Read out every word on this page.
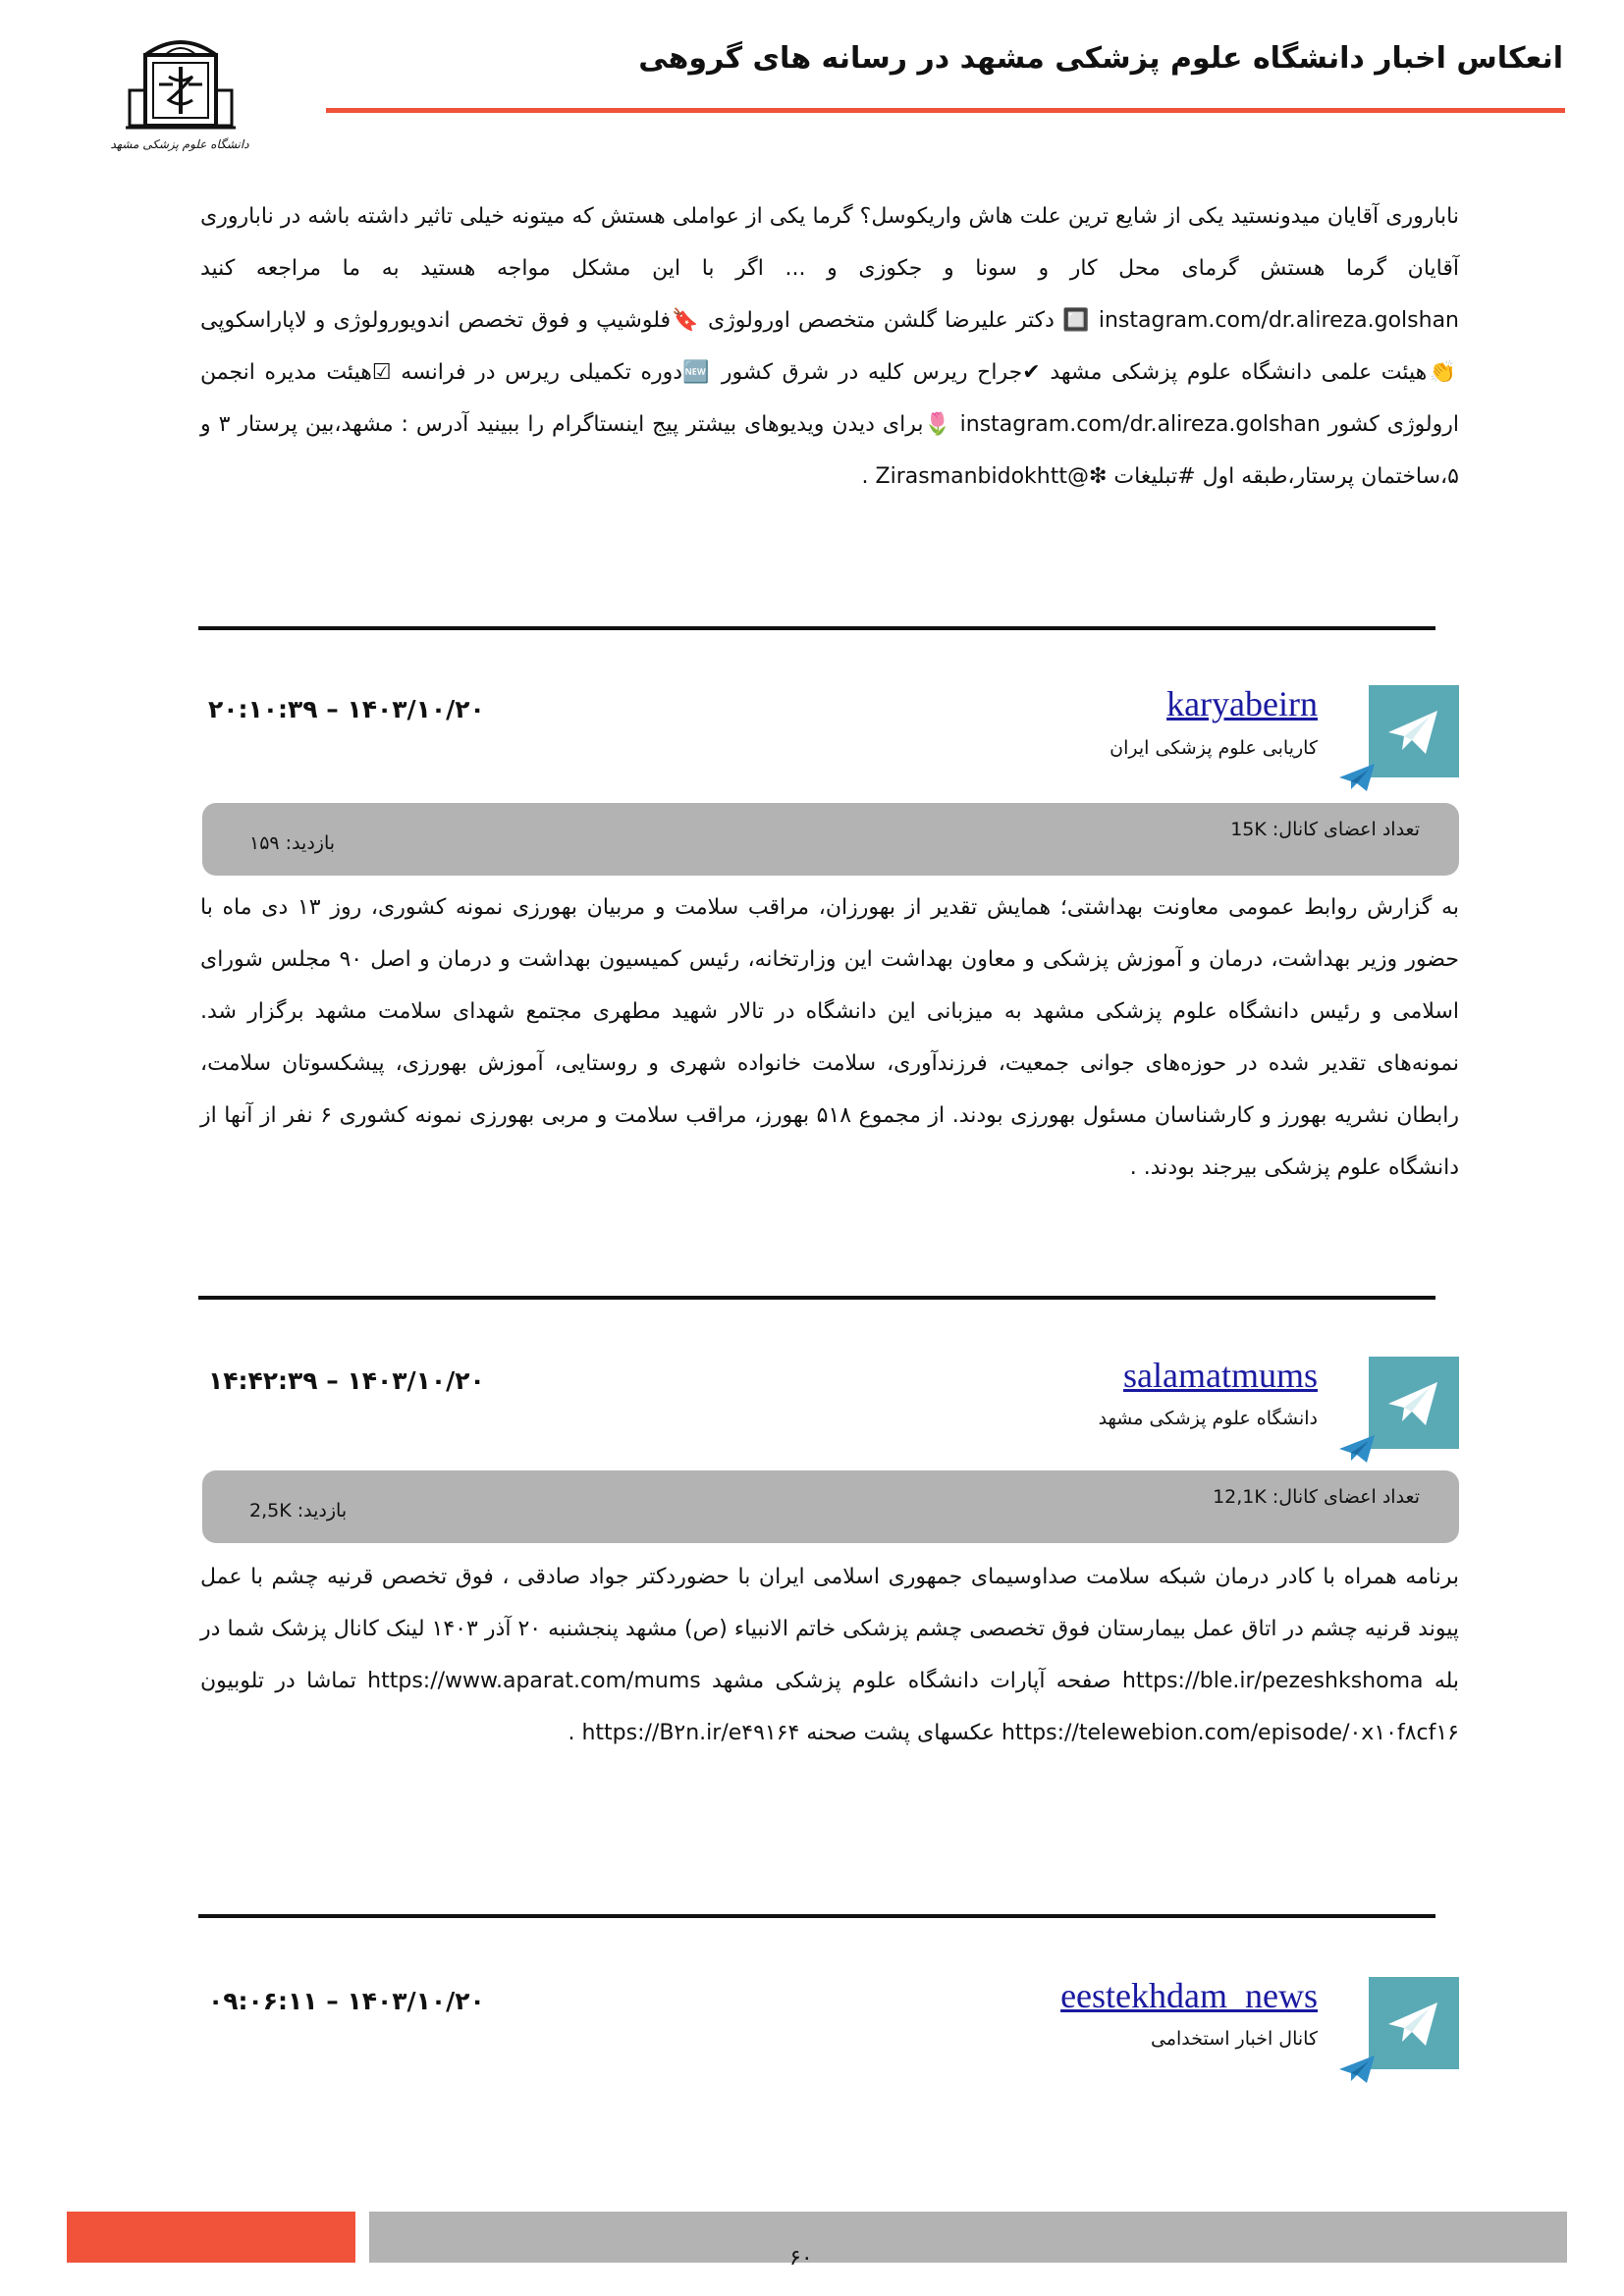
انعکاس اخبار دانشگاه علوم پزشکی مشهد در رسانه های گروهی
دانشگاه علوم پزشکی مشهد
ناباروری آقایان میدونستید یکی از شایع ترین علت هاش واریکوسل؟ گرما یکی از عواملی هستش که میتونه خیلی تاثیر داشته باشه در ناباروری آقایان گرما هستش گرمای محل کار و سونا و جکوزی و ... اگر با این مشکل مواجه هستید به ما مراجعه کنید instagram.com/dr.alireza.golshan 🔲 دکتر علیرضا گلشن متخصص اورولوژی 🔖فلوشیپ و فوق تخصص اندویورولوژی و لاپاراسکوپی 👏هیئت علمی دانشگاه علوم پزشکی مشهد ✔جراح ریرس کلیه در شرق کشور 🆕دوره تکمیلی ریرس در فرانسه ☑هیئت مدیره انجمن ارولوژی کشور instagram.com/dr.alireza.golshan 🌷برای دیدن ویدیوهای بیشتر پیج اینستاگرام را ببینید آدرس : مشهد،بین پرستار ۳ و ۵،ساختمان پرستار،طبقه اول #تبلیغات ❇@Zirasmanbidokhtt .
karyabeirn
کاریابی علوم پزشکی ایران
۲۰:۱۰:۳۹ – ۱۴۰۳/۱۰/۲۰
تعداد اعضای کانال: 15K
بازدید: ۱۵۹
به گزارش روابط عمومی معاونت بهداشتی؛ همایش تقدیر از بهورزان، مراقب سلامت و مربیان بهورزی نمونه کشوری، روز ۱۳ دی ماه با حضور وزیر بهداشت، درمان و آموزش پزشکی و معاون بهداشت این وزارتخانه، رئیس کمیسیون بهداشت و درمان و اصل ۹۰ مجلس شورای اسلامی و رئیس دانشگاه علوم پزشکی مشهد به میزبانی این دانشگاه در تالار شهید مطهری مجتمع شهدای سلامت مشهد برگزار شد. نمونه‌های تقدیر شده در حوزه‌های جوانی جمعیت، فرزندآوری، سلامت خانواده شهری و روستایی، آموزش بهورزی، پیشکسوتان سلامت، رابطان نشریه بهورز و کارشناسان مسئول بهورزی بودند. از مجموع ۵۱۸ بهورز، مراقب سلامت و مربی بهورزی نمونه کشوری ۶ نفر از آنها از دانشگاه علوم پزشکی بیرجند بودند. .
salamatmums
دانشگاه علوم پزشکی مشهد
۱۴:۴۲:۳۹ – ۱۴۰۳/۱۰/۲۰
تعداد اعضای کانال: 12,1K
بازدید: 2,5K
برنامه همراه با کادر درمان شبکه سلامت صداوسیمای جمهوری اسلامی ایران با حضوردکتر جواد صادقی ، فوق تخصص قرنیه چشم با عمل پیوند قرنیه چشم در اتاق عمل بیمارستان فوق تخصصی چشم پزشکی خاتم الانبیاء (ص) مشهد پنجشنبه ۲۰ آذر ۱۴۰۳ لینک کانال پزشک شما در بله https://ble.ir/pezeshkshoma صفحه آپارات دانشگاه علوم پزشکی مشهد https://www.aparat.com/mums تماشا در تلوبیون https://telewebion.com/episode/۰x۱۰f۸cf۱۶ عکسهای پشت صحنه https://B۲n.ir/e۴۹۱۶۴ .
eestekhdam_news
کانال اخبار استخدامی
۰۹:۰۶:۱۱ – ۱۴۰۳/۱۰/۲۰
۶۰
